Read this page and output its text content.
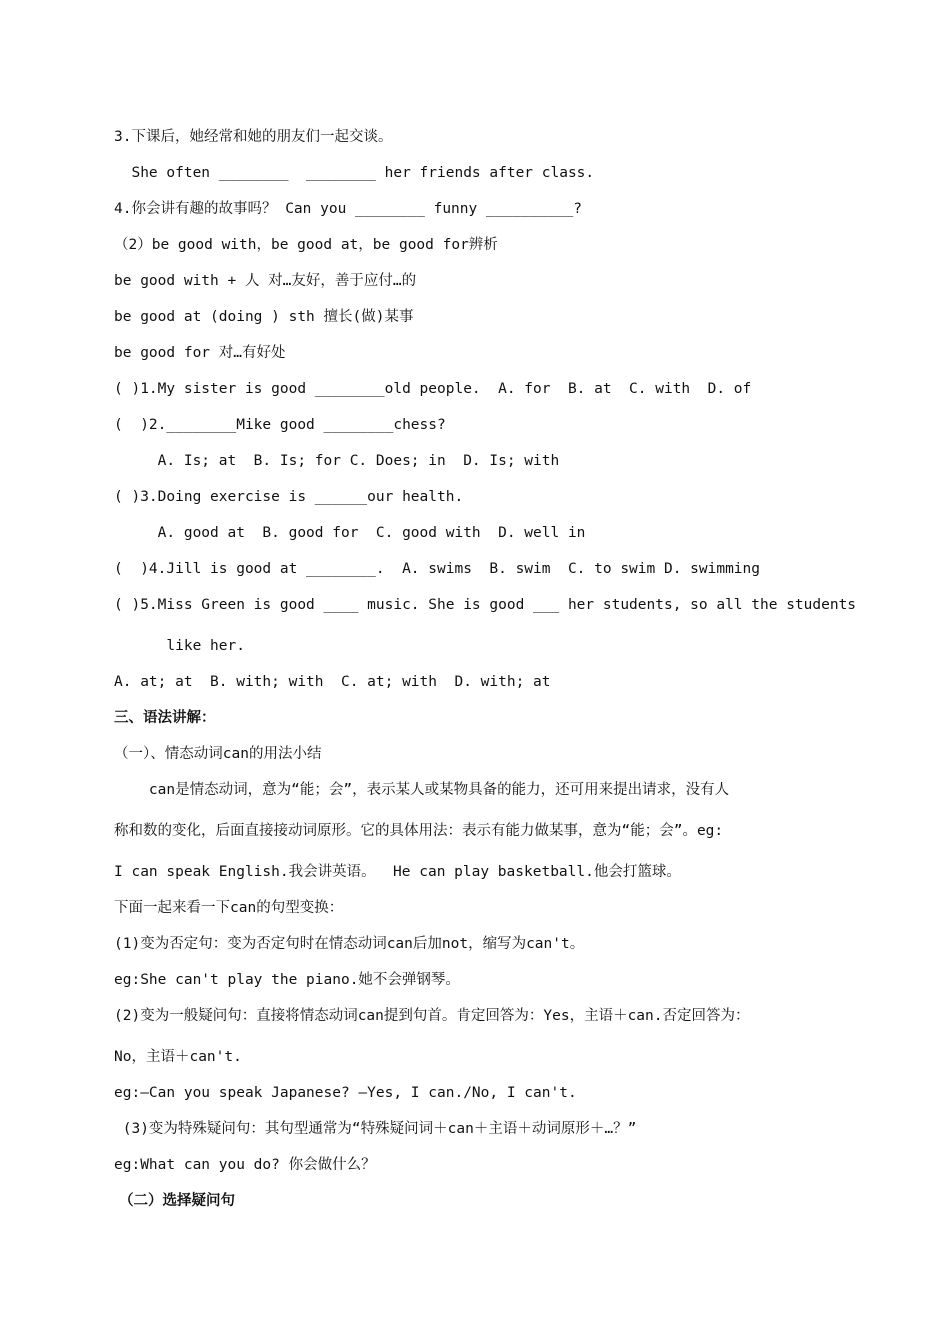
3.下课后，她经常和她的朋友们一起交谈。
She often ________  ________ her friends after class.
4.你会讲有趣的故事吗？ Can you ________ funny __________?
（2）be good with，be good at，be good for辨析
be good with + 人 对…友好，善于应付…的
be good at (doing ) sth 擅长(做)某事
be good for 对…有好处
( )1.My sister is good ________old people.  A. for  B. at  C. with  D. of
(  )2.________Mike good ________chess?
A. Is; at  B. Is; for C. Does; in  D. Is; with
( )3.Doing exercise is ______our health.
A. good at  B. good for  C. good with  D. well in
(  )4.Jill is good at ________.  A. swims  B. swim  C. to swim D. swimming
( )5.Miss Green is good ____ music. She is good ___ her students, so all the students
like her.
A. at; at  B. with; with  C. at; with  D. with; at
三、语法讲解：
（一）、情态动词can的用法小结
can是情态动词，意为“能；会”，表示某人或某物具备的能力，还可用来提出请求，没有人
称和数的变化，后面直接接动词原形。它的具体用法：表示有能力做某事，意为“能；会”。eg:
I can speak English.我会讲英语。  He can play basketball.他会打篮球。
下面一起来看一下can的句型变换：
(1)变为否定句：变为否定句时在情态动词can后加not，缩写为can't。
eg:She can't play the piano.她不会弹钢琴。
(2)变为一般疑问句：直接将情态动词can提到句首。肯定回答为：Yes，主语＋can.否定回答为：
No，主语＋can't.
eg:—Can you speak Japanese? —Yes, I can./No, I can't.
(3)变为特殊疑问句：其句型通常为“特殊疑问词＋can＋主语＋动词原形＋…？”
eg:What can you do? 你会做什么？
（二）选择疑问句
